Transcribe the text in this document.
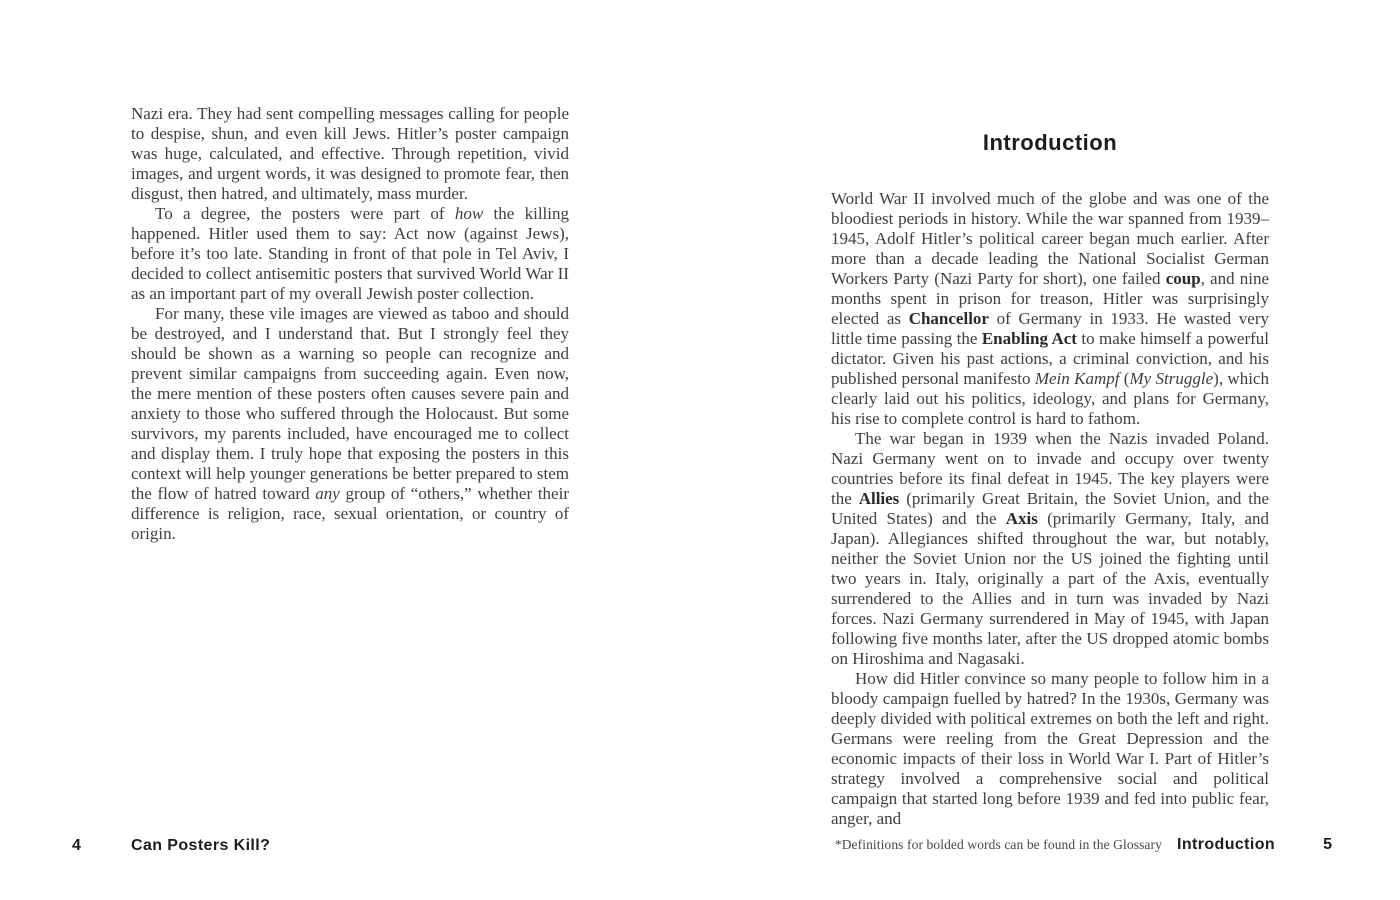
Nazi era. They had sent compelling messages calling for people to despise, shun, and even kill Jews. Hitler’s poster campaign was huge, calculated, and effective. Through repetition, vivid images, and urgent words, it was designed to promote fear, then disgust, then hatred, and ultimately, mass murder.

To a degree, the posters were part of how the killing happened. Hitler used them to say: Act now (against Jews), before it’s too late. Standing in front of that pole in Tel Aviv, I decided to collect antisemitic posters that survived World War II as an important part of my overall Jewish poster collection.

For many, these vile images are viewed as taboo and should be destroyed, and I understand that. But I strongly feel they should be shown as a warning so people can recognize and prevent similar campaigns from succeeding again. Even now, the mere mention of these posters often causes severe pain and anxiety to those who suffered through the Holocaust. But some survivors, my parents included, have encouraged me to collect and display them. I truly hope that exposing the posters in this context will help younger generations be better prepared to stem the flow of hatred toward any group of “others,” whether their difference is religion, race, sexual orientation, or country of origin.

Introduction

World War II involved much of the globe and was one of the bloodiest periods in history. While the war spanned from 1939–1945, Adolf Hitler’s political career began much earlier. After more than a decade leading the National Socialist German Workers Party (Nazi Party for short), one failed coup, and nine months spent in prison for treason, Hitler was surprisingly elected as Chancellor of Germany in 1933. He wasted very little time passing the Enabling Act to make himself a powerful dictator. Given his past actions, a criminal conviction, and his published personal manifesto Mein Kampf (My Struggle), which clearly laid out his politics, ideology, and plans for Germany, his rise to complete control is hard to fathom.

The war began in 1939 when the Nazis invaded Poland. Nazi Germany went on to invade and occupy over twenty countries before its final defeat in 1945. The key players were the Allies (primarily Great Britain, the Soviet Union, and the United States) and the Axis (primarily Germany, Italy, and Japan). Allegiances shifted throughout the war, but notably, neither the Soviet Union nor the US joined the fighting until two years in. Italy, originally a part of the Axis, eventually surrendered to the Allies and in turn was invaded by Nazi forces. Nazi Germany surrendered in May of 1945, with Japan following five months later, after the US dropped atomic bombs on Hiroshima and Nagasaki.

How did Hitler convince so many people to follow him in a bloody campaign fuelled by hatred? In the 1930s, Germany was deeply divided with political extremes on both the left and right. Germans were reeling from the Great Depression and the economic impacts of their loss in World War I. Part of Hitler’s strategy involved a comprehensive social and political campaign that started long before 1939 and fed into public fear, anger, and

4	Can Posters Kill?	*Definitions for bolded words can be found in the Glossary Introduction	5
